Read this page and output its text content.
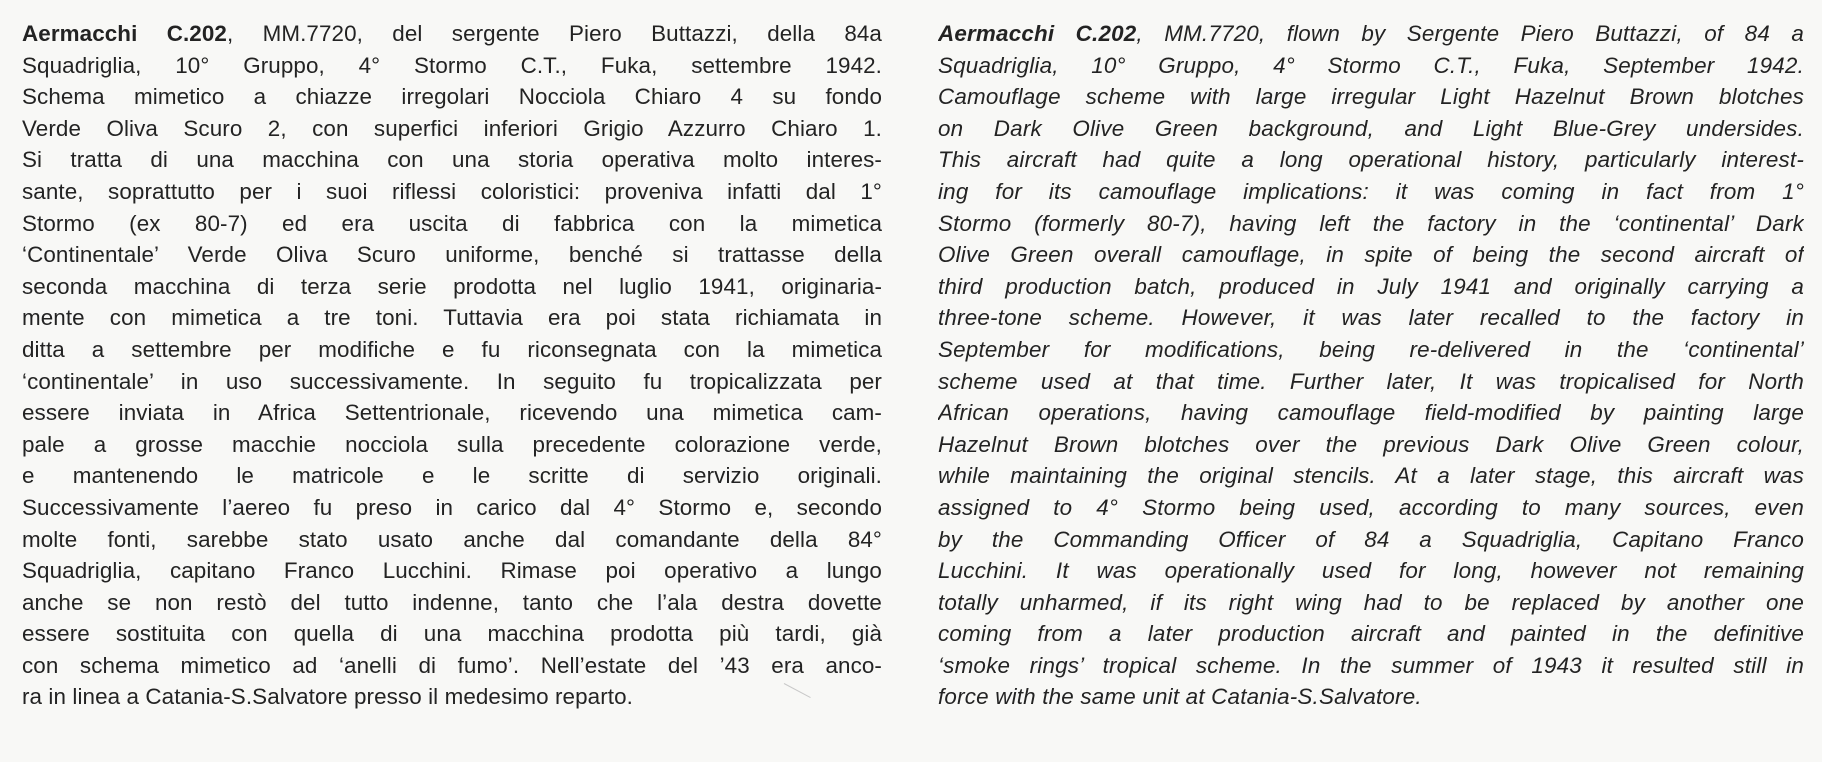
Aermacchi C.202, MM.7720, del sergente Piero Buttazzi, della 84a
Squadriglia, 10° Gruppo, 4° Stormo C.T., Fuka, settembre 1942.
Schema mimetico a chiazze irregolari Nocciola Chiaro 4 su fondo
Verde Oliva Scuro 2, con superfici inferiori Grigio Azzurro Chiaro 1.
Si tratta di una macchina con una storia operativa molto interes-
sante, soprattutto per i suoi riflessi coloristici: proveniva infatti dal 1°
Stormo (ex 80-7) ed era uscita di fabbrica con la mimetica
‘Continentale’ Verde Oliva Scuro uniforme, benché si trattasse della
seconda macchina di terza serie prodotta nel luglio 1941, originaria-
mente con mimetica a tre toni. Tuttavia era poi stata richiamata in
ditta a settembre per modifiche e fu riconsegnata con la mimetica
‘continentale’ in uso successivamente. In seguito fu tropicalizzata per
essere inviata in Africa Settentrionale, ricevendo una mimetica cam-
pale a grosse macchie nocciola sulla precedente colorazione verde,
e mantenendo le matricole e le scritte di servizio originali.
Successivamente l’aereo fu preso in carico dal 4° Stormo e, secondo
molte fonti, sarebbe stato usato anche dal comandante della 84°
Squadriglia, capitano Franco Lucchini. Rimase poi operativo a lungo
anche se non restò del tutto indenne, tanto che l’ala destra dovette
essere sostituita con quella di una macchina prodotta più tardi, già
con schema mimetico ad ‘anelli di fumo’. Nell’estate del ’43 era anco-
ra in linea a Catania-S.Salvatore presso il medesimo reparto.
Aermacchi C.202, MM.7720, flown by Sergente Piero Buttazzi, of 84 a
Squadriglia, 10° Gruppo, 4° Stormo C.T., Fuka, September 1942.
Camouflage scheme with large irregular Light Hazelnut Brown blotches
on Dark Olive Green background, and Light Blue-Grey undersides.
This aircraft had quite a long operational history, particularly interest-
ing for its camouflage implications: it was coming in fact from 1°
Stormo (formerly 80-7), having left the factory in the ‘continental’ Dark
Olive Green overall camouflage, in spite of being the second aircraft of
third production batch, produced in July 1941 and originally carrying a
three-tone scheme. However, it was later recalled to the factory in
September for modifications, being re-delivered in the ‘continental’
scheme used at that time. Further later, It was tropicalised for North
African operations, having camouflage field-modified by painting large
Hazelnut Brown blotches over the previous Dark Olive Green colour,
while maintaining the original stencils. At a later stage, this aircraft was
assigned to 4° Stormo being used, according to many sources, even
by the Commanding Officer of 84 a Squadriglia, Capitano Franco
Lucchini. It was operationally used for long, however not remaining
totally unharmed, if its right wing had to be replaced by another one
coming from a later production aircraft and painted in the definitive
‘smoke rings’ tropical scheme. In the summer of 1943 it resulted still in
force with the same unit at Catania-S.Salvatore.
